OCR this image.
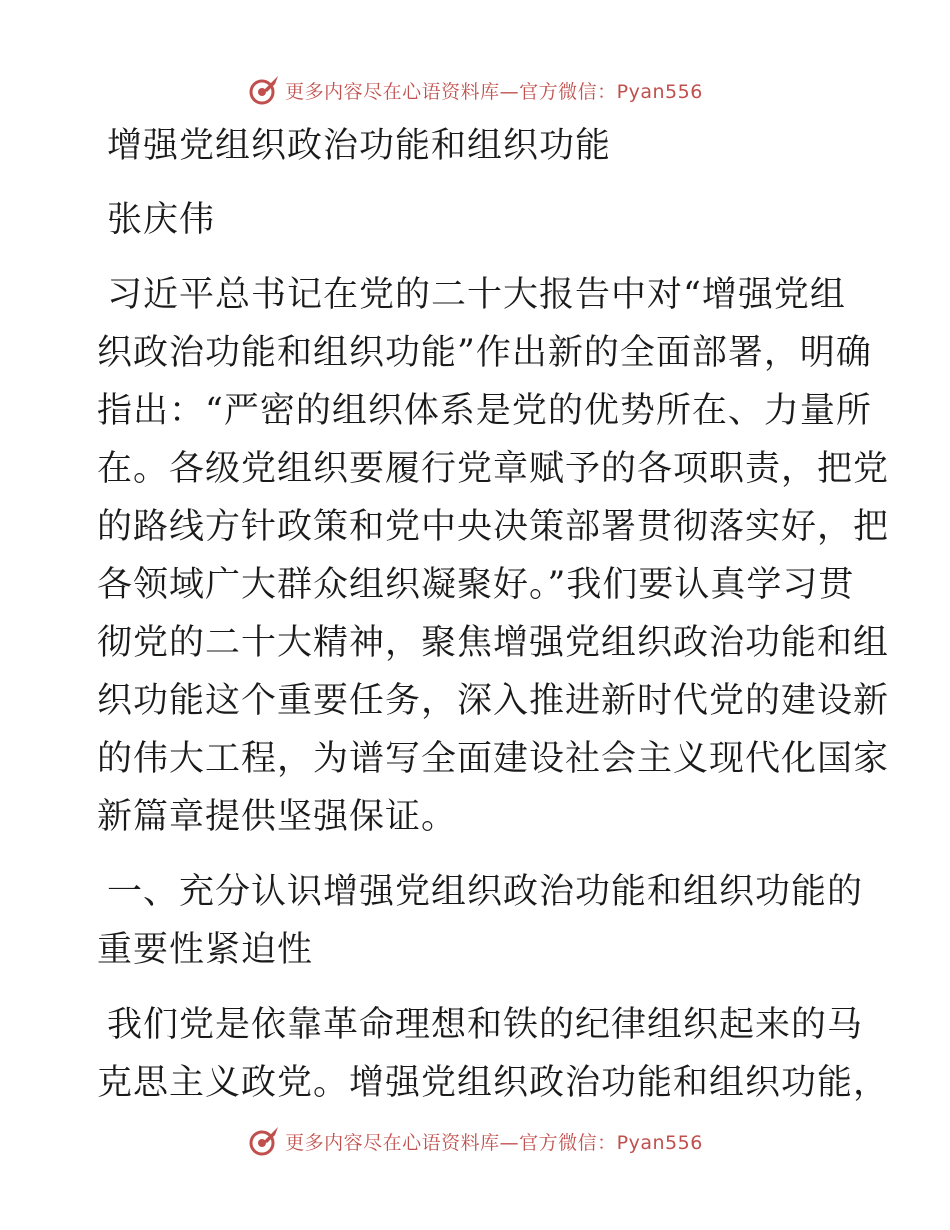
更多内容尽在心语资料库—官方微信：Pyan556
增强党组织政治功能和组织功能
张庆伟
习近平总书记在党的二十大报告中对“增强党组
织政治功能和组织功能”作出新的全面部署，明确
指出：“严密的组织体系是党的优势所在、力量所
在。各级党组织要履行党章赋予的各项职责，把党
的路线方针政策和党中央决策部署贯彻落实好，把
各领域广大群众组织凝聚好。”我们要认真学习贯
彻党的二十大精神，聚焦增强党组织政治功能和组
织功能这个重要任务，深入推进新时代党的建设新
的伟大工程，为谱写全面建设社会主义现代化国家
新篇章提供坚强保证。
一、充分认识增强党组织政治功能和组织功能的
重要性紧迫性
我们党是依靠革命理想和铁的纪律组织起来的马
克思主义政党。增强党组织政治功能和组织功能，
更多内容尽在心语资料库—官方微信：Pyan556
